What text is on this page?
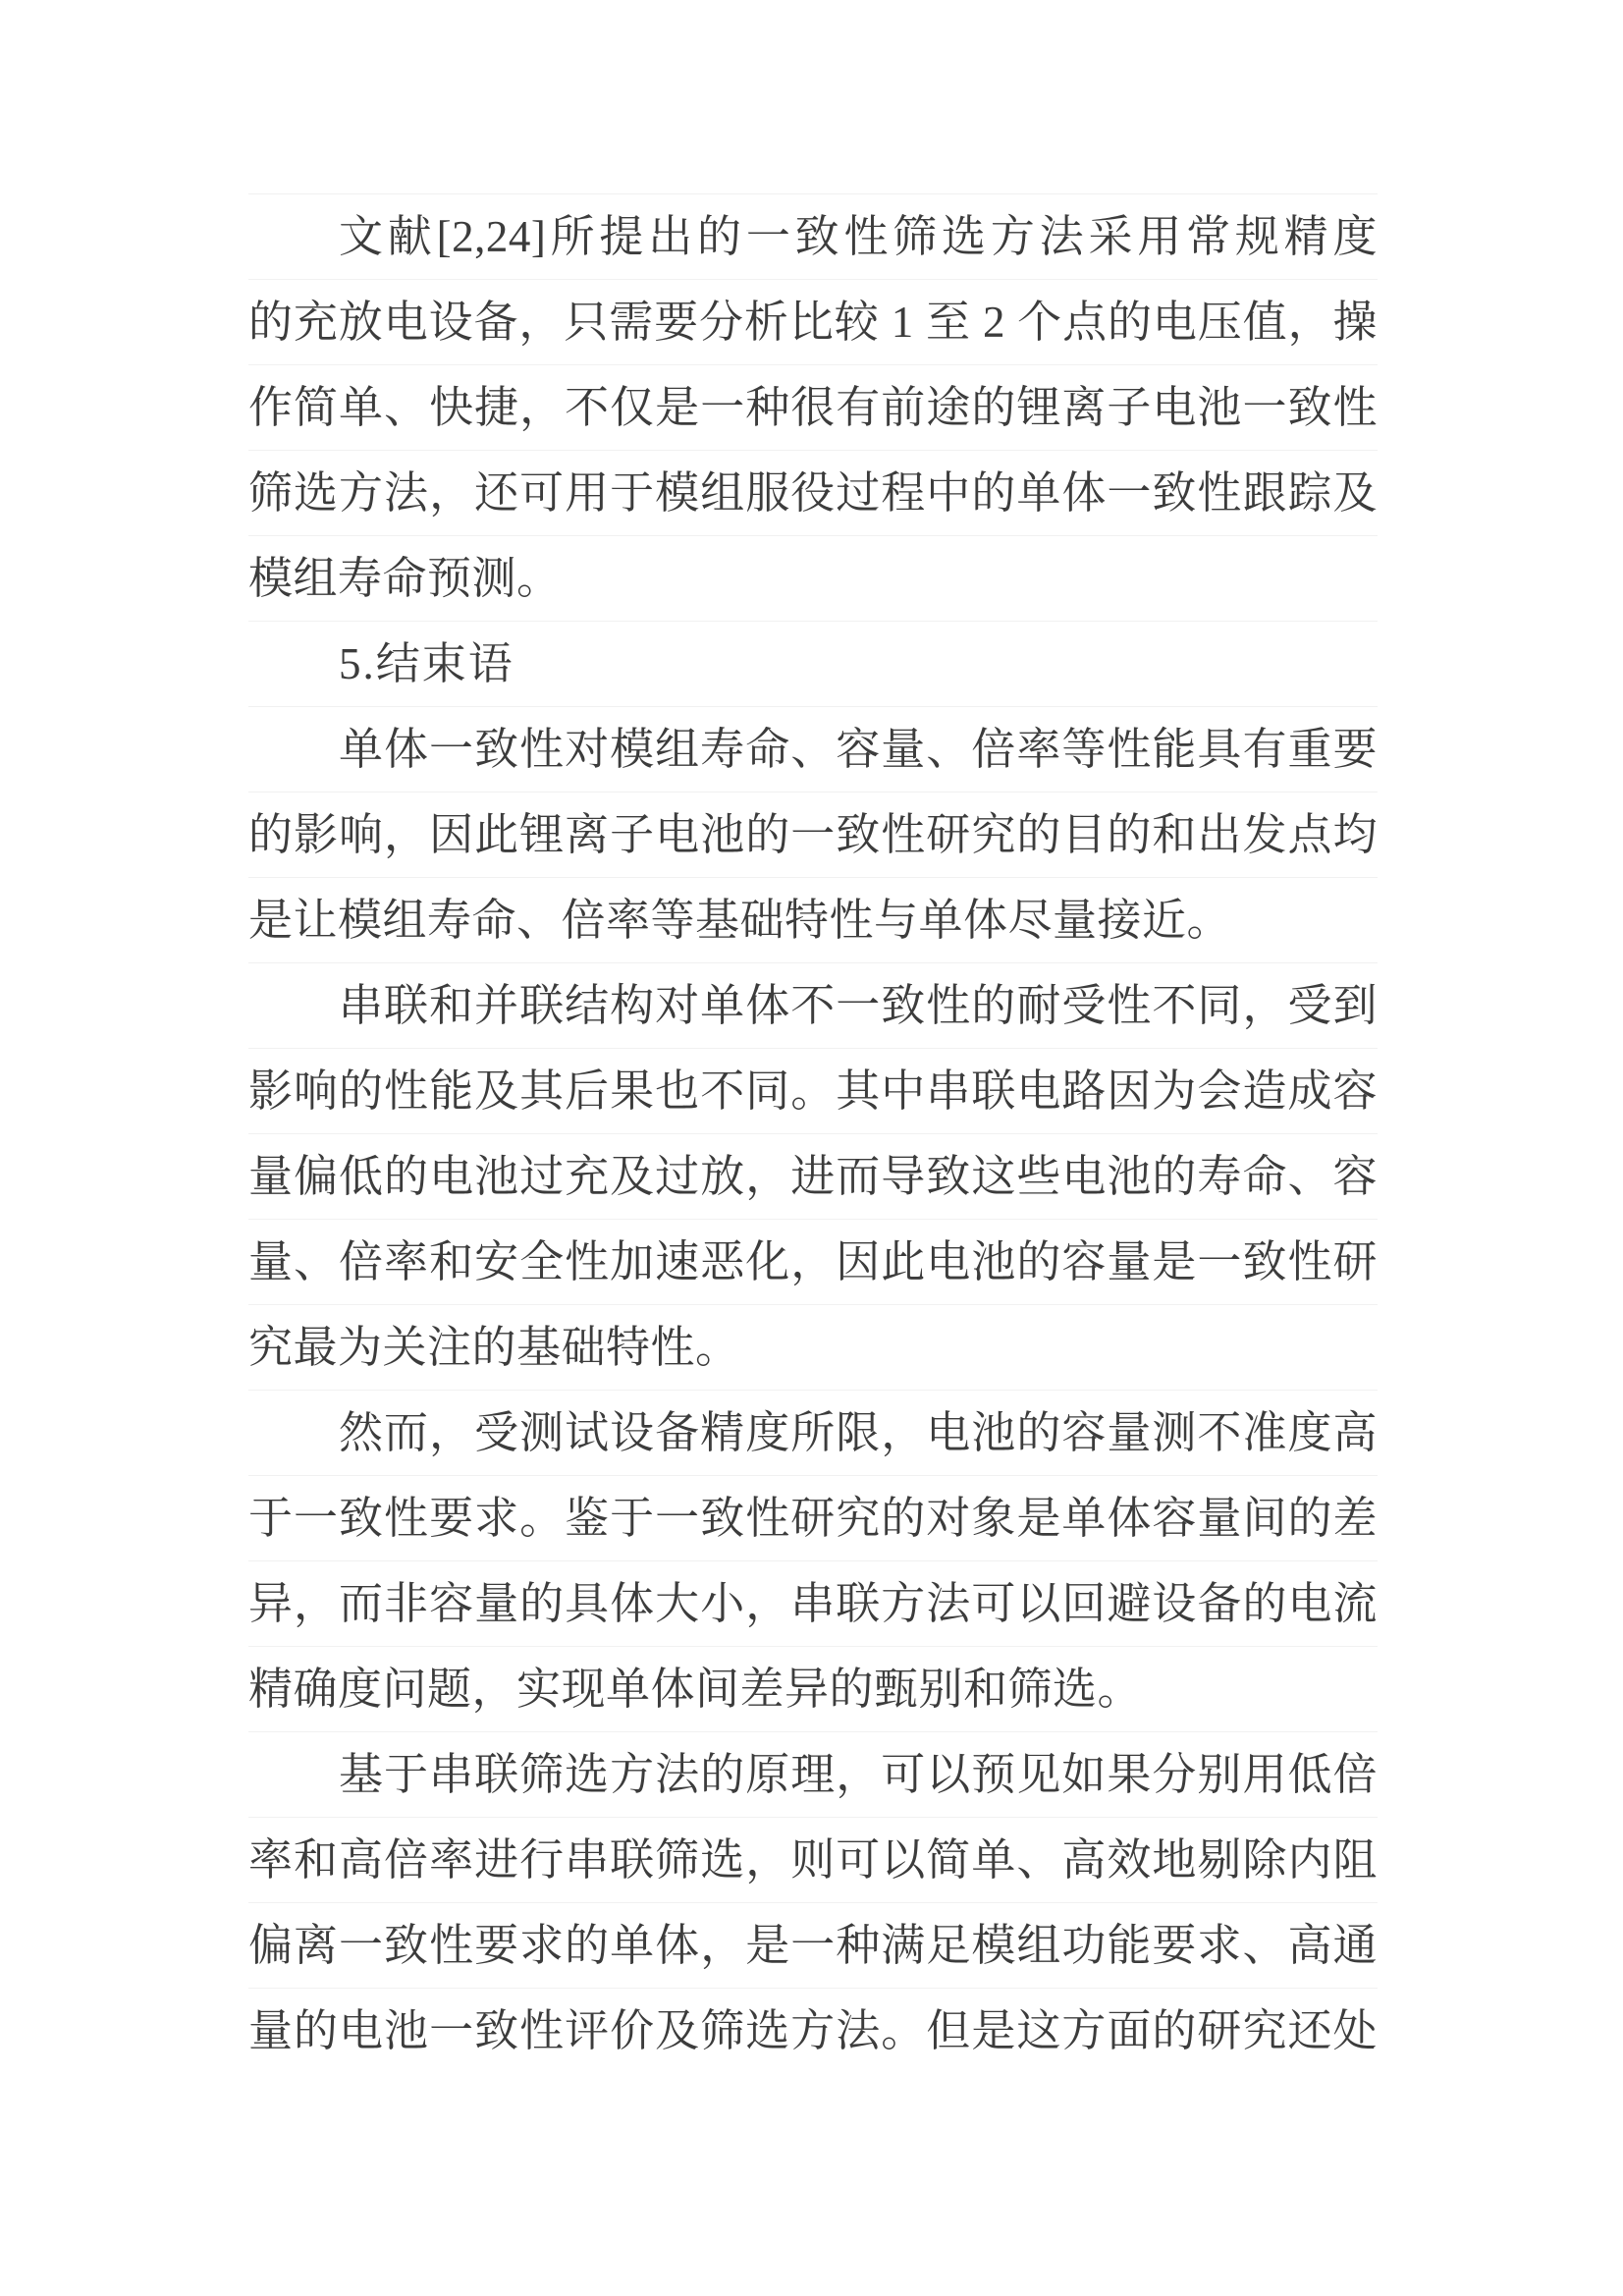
文献[2,24]所提出的一致性筛选方法采用常规精度
的充放电设备，只需要分析比较 1 至 2 个点的电压值，操
作简单、快捷，不仅是一种很有前途的锂离子电池一致性
筛选方法，还可用于模组服役过程中的单体一致性跟踪及
模组寿命预测。
5.结束语
单体一致性对模组寿命、容量、倍率等性能具有重要
的影响，因此锂离子电池的一致性研究的目的和出发点均
是让模组寿命、倍率等基础特性与单体尽量接近。
串联和并联结构对单体不一致性的耐受性不同，受到
影响的性能及其后果也不同。其中串联电路因为会造成容
量偏低的电池过充及过放，进而导致这些电池的寿命、容
量、倍率和安全性加速恶化，因此电池的容量是一致性研
究最为关注的基础特性。
然而，受测试设备精度所限，电池的容量测不准度高
于一致性要求。鉴于一致性研究的对象是单体容量间的差
异，而非容量的具体大小，串联方法可以回避设备的电流
精确度问题，实现单体间差异的甄别和筛选。
基于串联筛选方法的原理，可以预见如果分别用低倍
率和高倍率进行串联筛选，则可以简单、高效地剔除内阻
偏离一致性要求的单体，是一种满足模组功能要求、高通
量的电池一致性评价及筛选方法。但是这方面的研究还处
